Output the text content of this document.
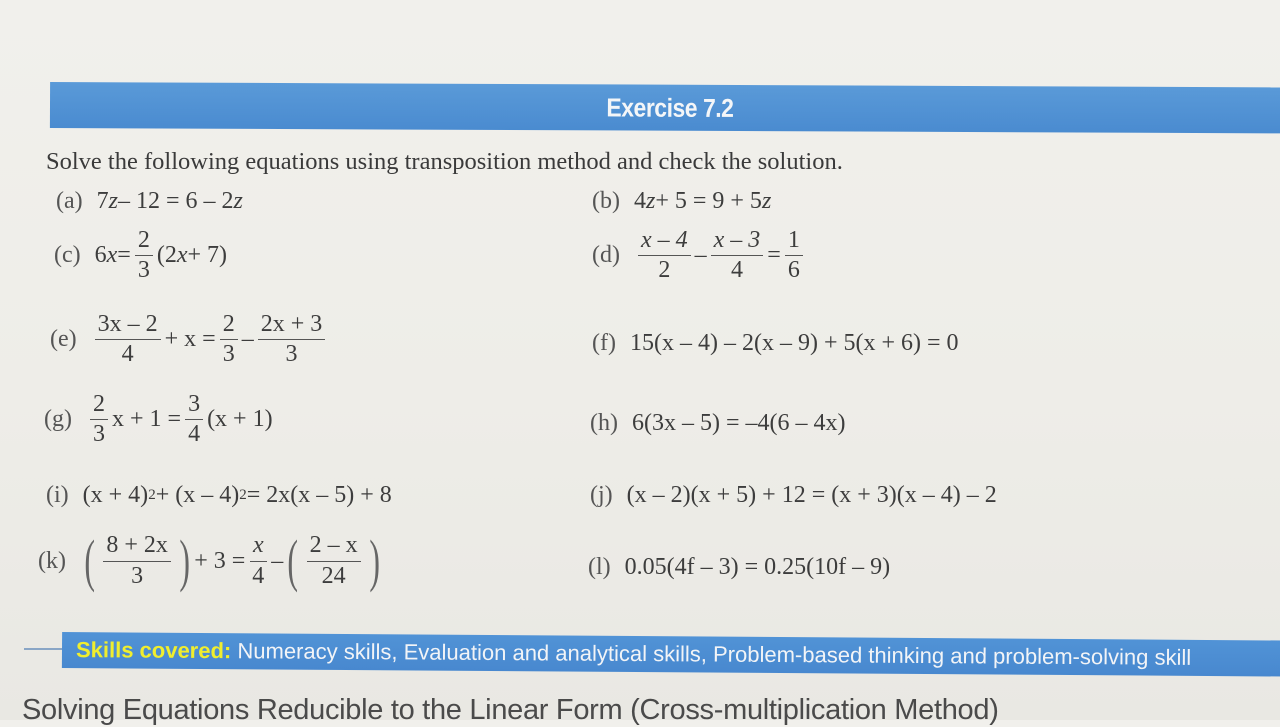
Exercise 7.2
Solve the following equations using transposition method and check the solution.
(a) 7 z – 12 = 6 – 2 z	(b) 4 z + 5 = 9 + 5 z
(c) 6 $x = \frac{2}{3} (2$ x + 7)	$(d) \frac{x - 4}{2} - \frac{x - 3}{4} = \frac{1}{6}$
$(e) \frac{3x - 2}{4} + x = \frac{2}{3} - \frac{2x + 3}{3}$	(f) 15(x – 4) – 2(x – 9) + 5(x + 6) = 0
$(g) \frac{2}{3}$ $x + 1 = \frac{3}{4} (x + 1)$	(h) 6(3x – 5) = –4(6 – 4x)
(i) (x + 4) 2 + (x – 4) 2 = 2x(x – 5) + 8	(j) (x – 2)(x + 5) + 12 = (x + 3)(x – 4) – 2
(k) ( $\frac{8 + 2x}{3}$ ) + $3 = \frac{x}{4}$ – ( $\frac{2 - x}{24}$ )	(l) 0.05(4f – 3) = 0.25(10f – 9)
Skills covered: Numeracy skills, Evaluation and analytical skills, Problem-based thinking and problem-solving skill
Solving Equations Reducible to the Linear Form (Cross-multiplication Method)
